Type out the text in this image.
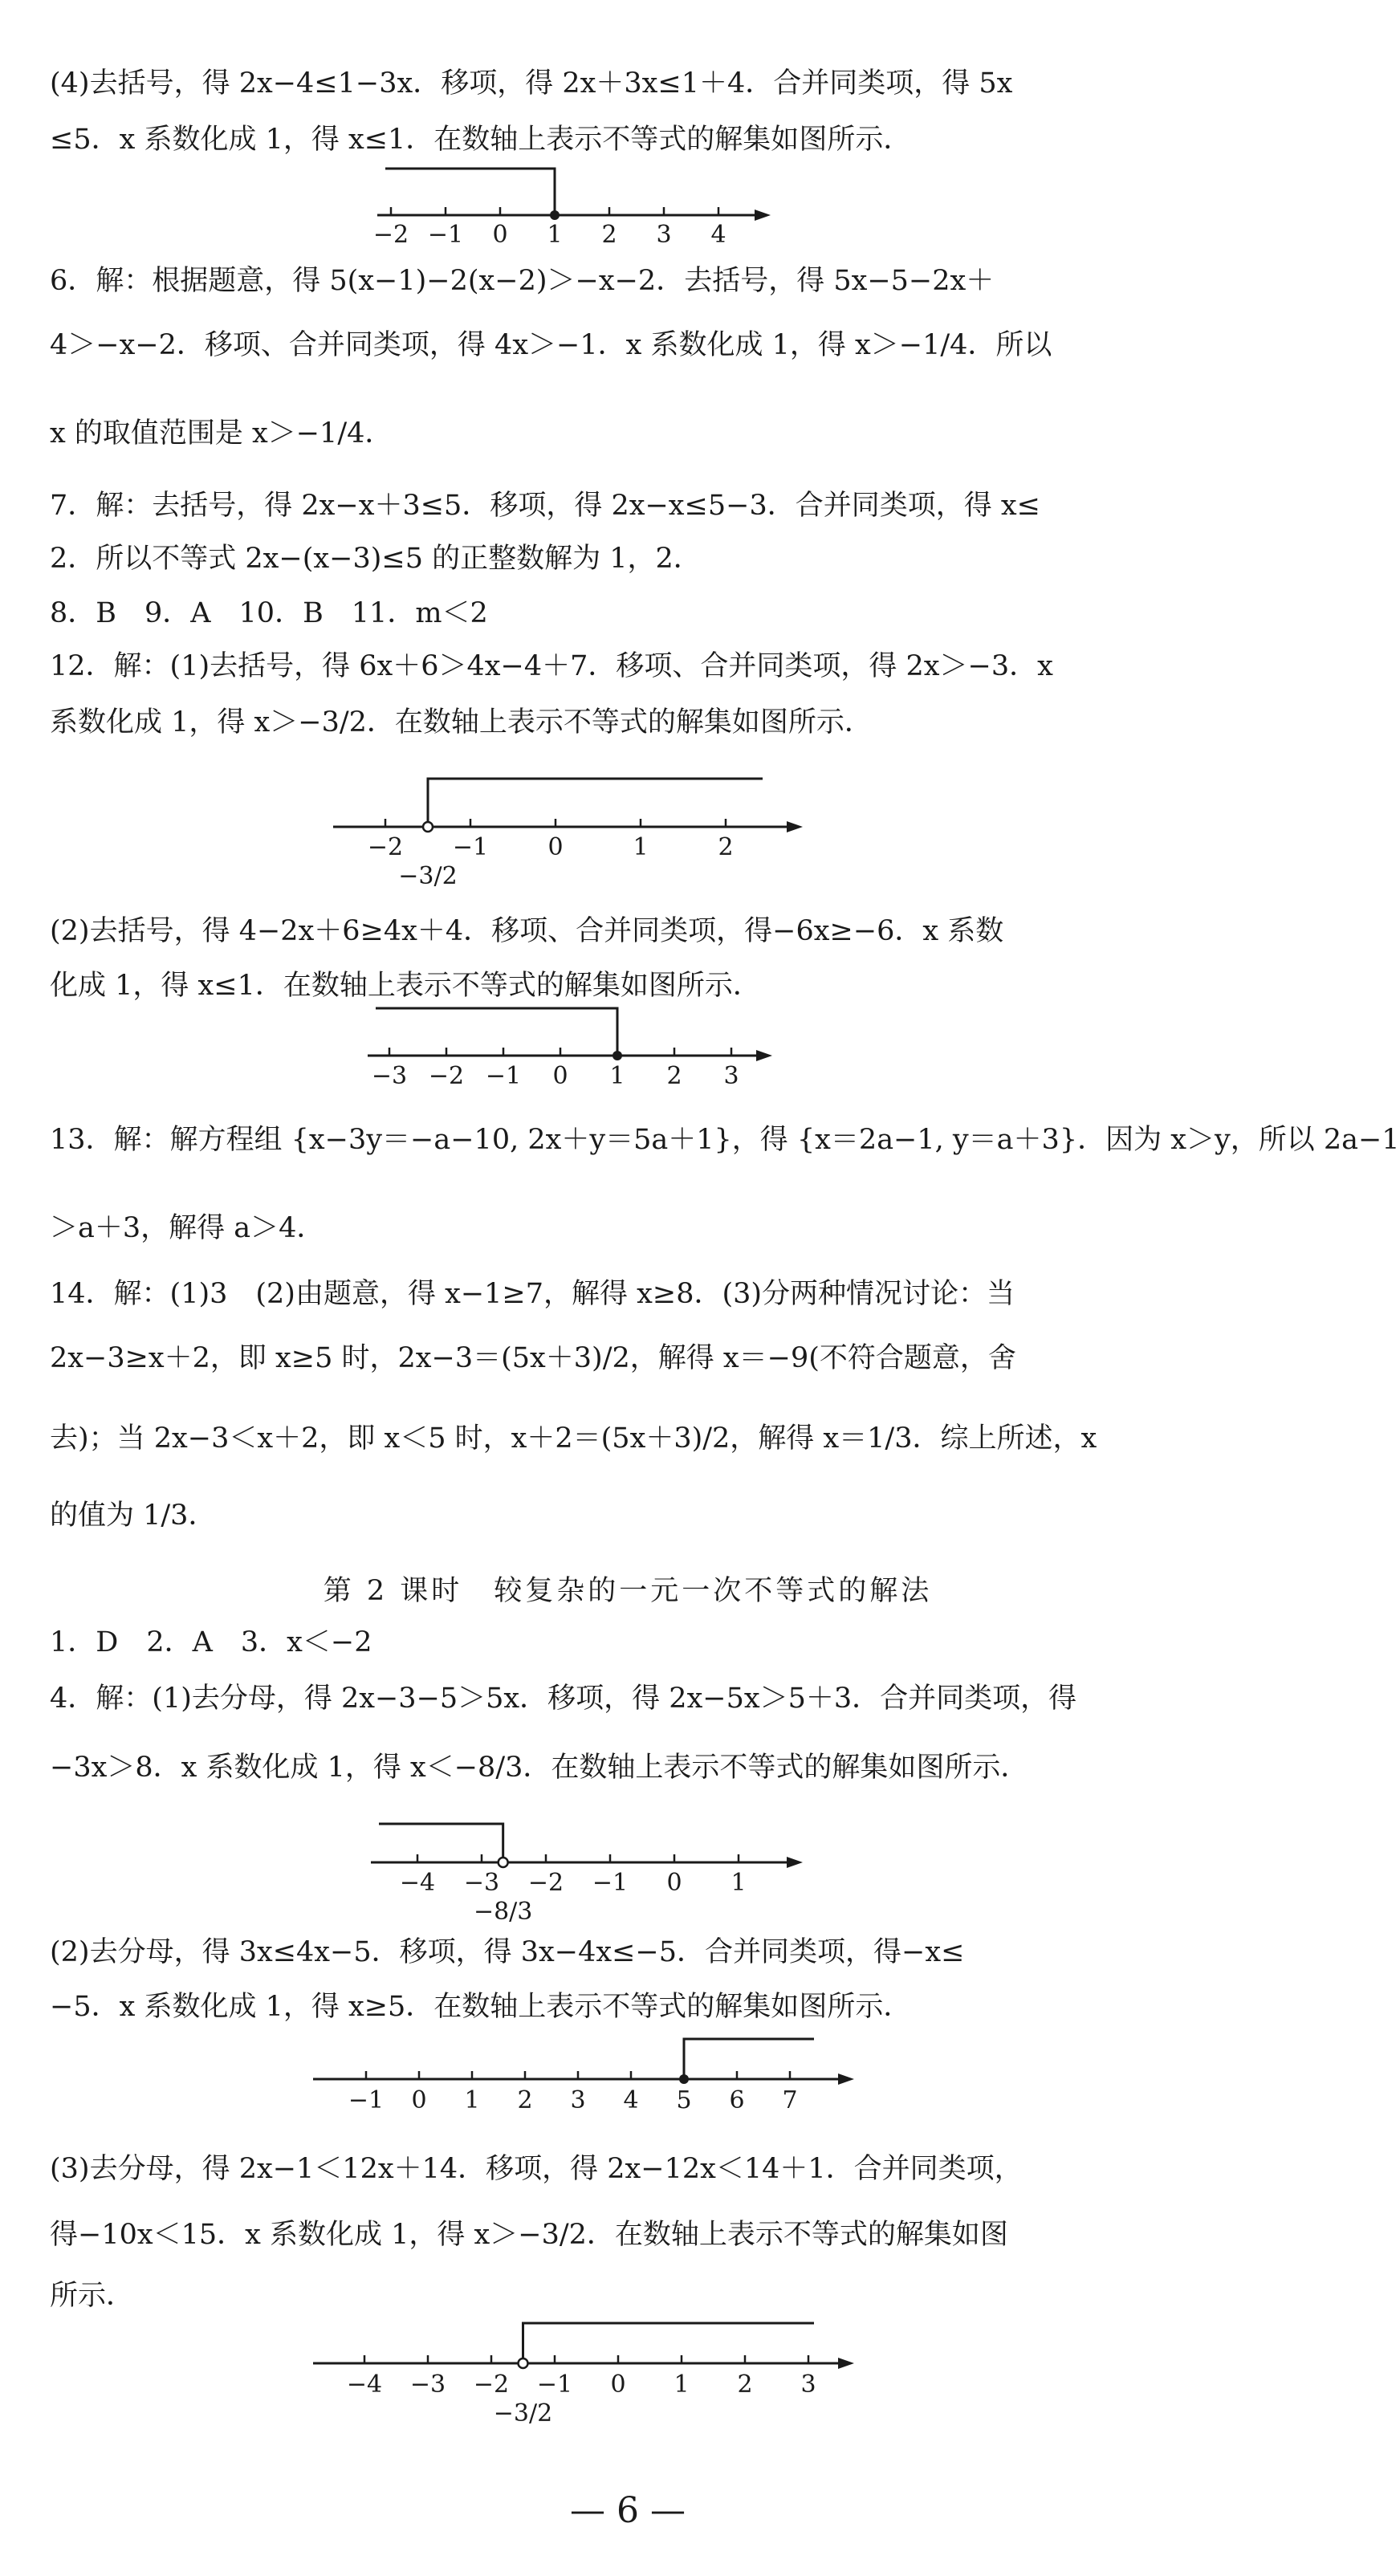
(4)去括号，得 2x−4≤1−3x．移项，得 2x＋3x≤1＋4．合并同类项，得 5x
≤5．x 系数化成 1，得 x≤1．在数轴上表示不等式的解集如图所示．
−2 −1 0 1 2 3 4
6．解：根据题意，得 5(x−1)−2(x−2)＞−x−2．去括号，得 5x−5−2x＋
4＞−x−2．移项、合并同类项，得 4x＞−1．x 系数化成 1，得 x＞−1/4．所以
x 的取值范围是 x＞−1/4．
7．解：去括号，得 2x−x＋3≤5．移项，得 2x−x≤5−3．合并同类项，得 x≤
2．所以不等式 2x−(x−3)≤5 的正整数解为 1，2．
8．B　9．A　10．B　11．m＜2
12．解：(1)去括号，得 6x＋6＞4x−4＋7．移项、合并同类项，得 2x＞−3．x
系数化成 1，得 x＞−3/2．在数轴上表示不等式的解集如图所示．
−2 −1 0	1	2
−3/2
(2)去括号，得 4−2x＋6≥4x＋4．移项、合并同类项，得−6x≥−6．x 系数
化成 1，得 x≤1．在数轴上表示不等式的解集如图所示．
−3 −2 −1 0 1 2 3
13．解：解方程组 {x−3y＝−a−10, 2x＋y＝5a＋1}，得 {x＝2a−1, y＝a＋3}．因为 x＞y，所以 2a−1
＞a＋3，解得 a＞4．
14．解：(1)3　(2)由题意，得 x−1≥7，解得 x≥8．(3)分两种情况讨论：当
2x−3≥x＋2，即 x≥5 时，2x−3＝(5x＋3)/2，解得 x＝−9(不符合题意，舍
去)；当 2x−3＜x＋2，即 x＜5 时，x＋2＝(5x＋3)/2，解得 x＝1/3．综上所述，x
的值为 1/3．
第 2 课时　较复杂的一元一次不等式的解法
1．D　2．A　3．x＜−2
4．解：(1)去分母，得 2x−3−5＞5x．移项，得 2x−5x＞5＋3．合并同类项，得
−3x＞8．x 系数化成 1，得 x＜−8/3．在数轴上表示不等式的解集如图所示．
−4 −3 −2 −1 0 1
−8/3
(2)去分母，得 3x≤4x−5．移项，得 3x−4x≤−5．合并同类项，得−x≤
−5．x 系数化成 1，得 x≥5．在数轴上表示不等式的解集如图所示．
−1 0 1 2 3 4 5 6 7
(3)去分母，得 2x−1＜12x＋14．移项，得 2x−12x＜14＋1．合并同类项，
得−10x＜15．x 系数化成 1，得 x＞−3/2．在数轴上表示不等式的解集如图
所示．
−4 −3 −2 −1 0 1 2 3
−3/2
— 6 —
